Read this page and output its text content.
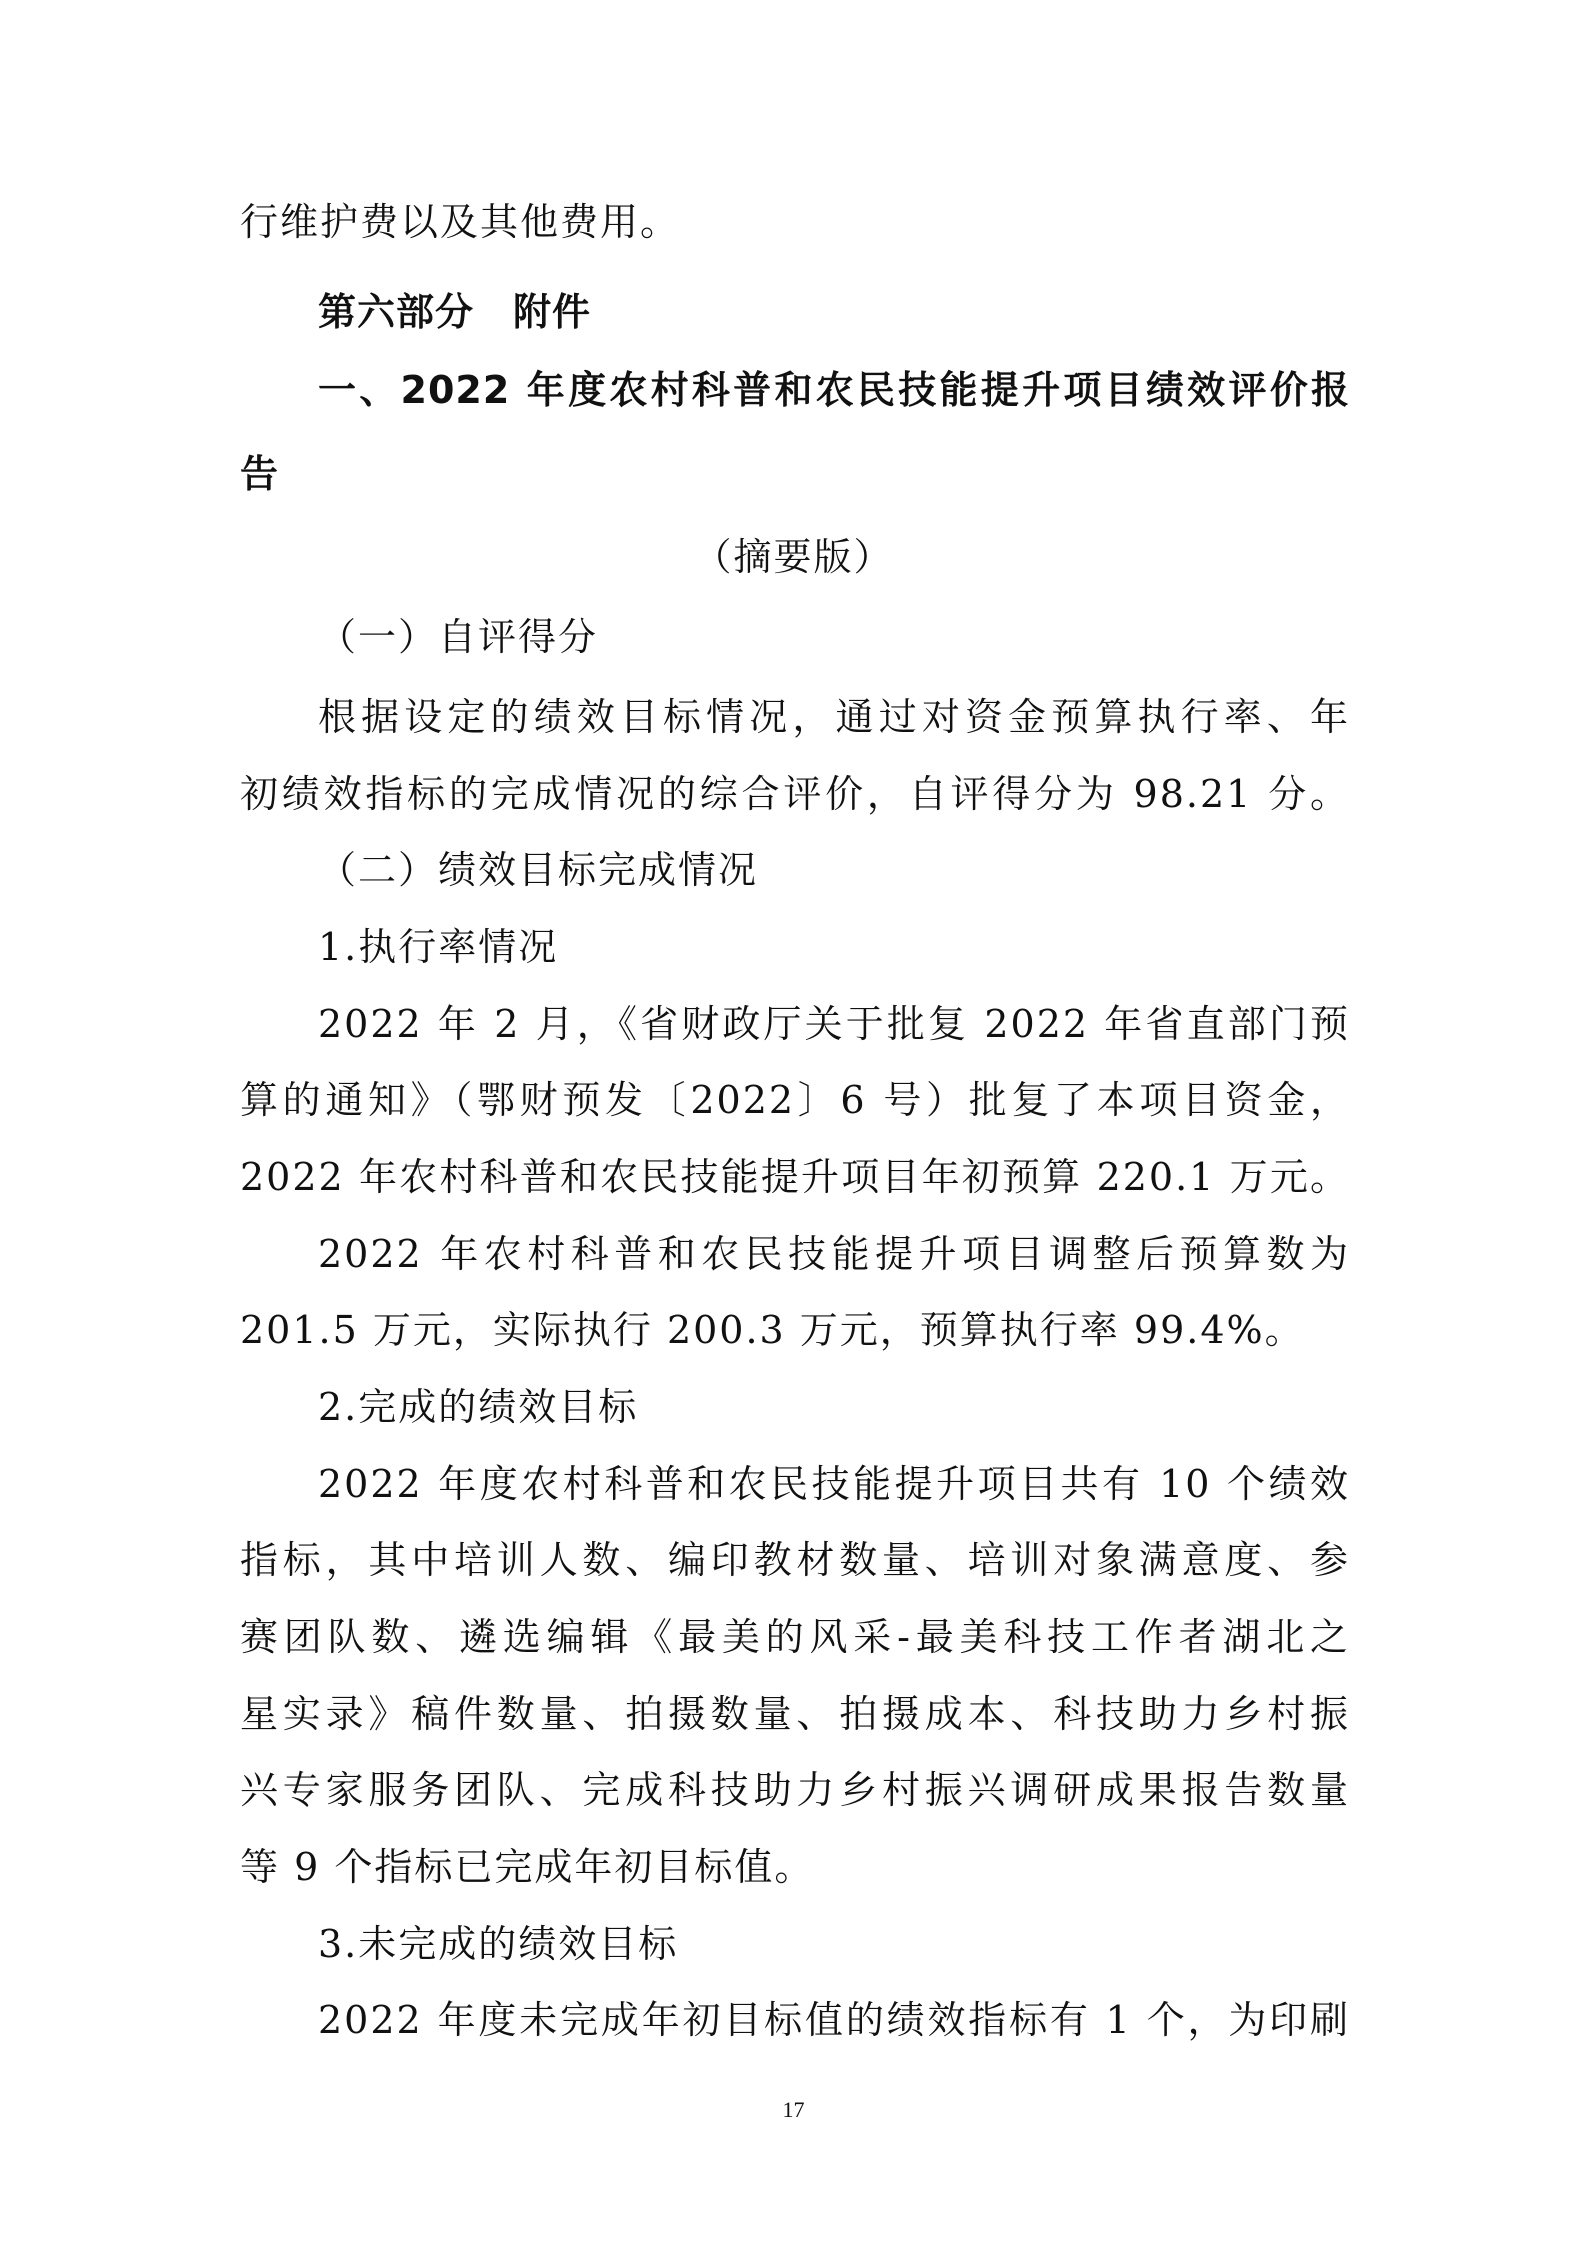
行维护费以及其他费用。

第六部分　附件

一、2022 年度农村科普和农民技能提升项目绩效评价报

告

（摘要版）

（一）自评得分

根据设定的绩效目标情况，通过对资金预算执行率、年

初绩效指标的完成情况的综合评价，自评得分为 98.21 分。

（二）绩效目标完成情况

1.执行率情况

2022 年 2 月，《省财政厅关于批复 2022 年省直部门预

算的通知》（鄂财预发〔2022〕6 号）批复了本项目资金，

2022 年农村科普和农民技能提升项目年初预算 220.1 万元。

2022 年农村科普和农民技能提升项目调整后预算数为

201.5 万元，实际执行 200.3 万元，预算执行率 99.4%。

2.完成的绩效目标

2022 年度农村科普和农民技能提升项目共有 10 个绩效

指标，其中培训人数、编印教材数量、培训对象满意度、参

赛团队数、遴选编辑《最美的风采-最美科技工作者湖北之

星实录》稿件数量、拍摄数量、拍摄成本、科技助力乡村振

兴专家服务团队、完成科技助力乡村振兴调研成果报告数量

等 9 个指标已完成年初目标值。

3.未完成的绩效目标

2022 年度未完成年初目标值的绩效指标有 1 个，为印刷

17
